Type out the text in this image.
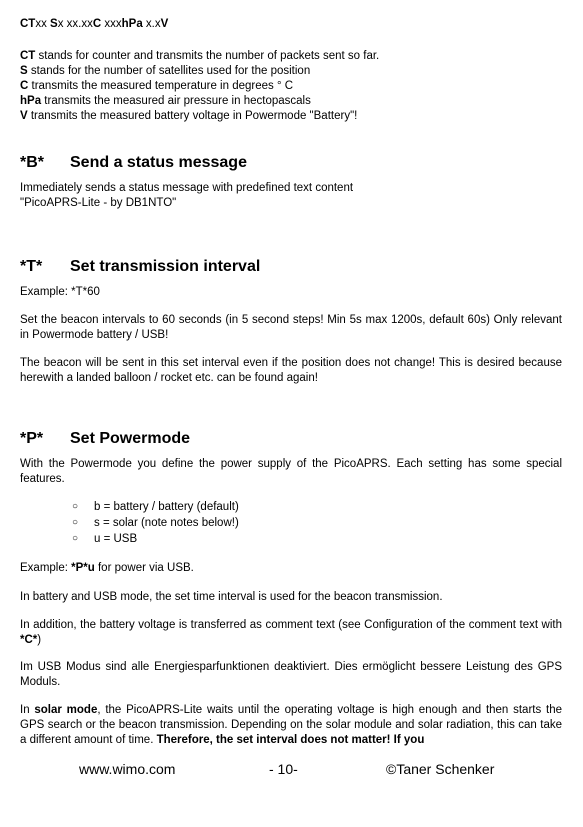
CTxx Sx xx.xxC xxxhPa x.xV
CT stands for counter and transmits the number of packets sent so far.
S stands for the number of satellites used for the position
C transmits the measured temperature in degrees ° C
hPa transmits the measured air pressure in hectopascals
V transmits the measured battery voltage in Powermode "Battery"!
*B* Send a status message
Immediately sends a status message with predefined text content
"PicoAPRS-Lite - by DB1NTO"
*T* Set transmission interval
Example: *T*60
Set the beacon intervals to 60 seconds (in 5 second steps! Min 5s max 1200s, default 60s) Only relevant in Powermode battery / USB!
The beacon will be sent in this set interval even if the position does not change! This is desired because herewith a landed balloon / rocket etc. can be found again!
*P* Set Powermode
With the Powermode you define the power supply of the PicoAPRS. Each setting has some special features.
○ b = battery / battery (default)
○ s = solar (note notes below!)
○ u = USB
Example: *P*u for power via USB.
In battery and USB mode, the set time interval is used for the beacon transmission.
In addition, the battery voltage is transferred as comment text (see Configuration of the comment text with *C*)
Im USB Modus sind alle Energiesparfunktionen deaktiviert. Dies ermöglicht bessere Leistung des GPS Moduls.
In solar mode, the PicoAPRS-Lite waits until the operating voltage is high enough and then starts the GPS search or the beacon transmission. Depending on the solar module and solar radiation, this can take a different amount of time. Therefore, the set interval does not matter! If you
www.wimo.com	- 10-	©Taner Schenker
